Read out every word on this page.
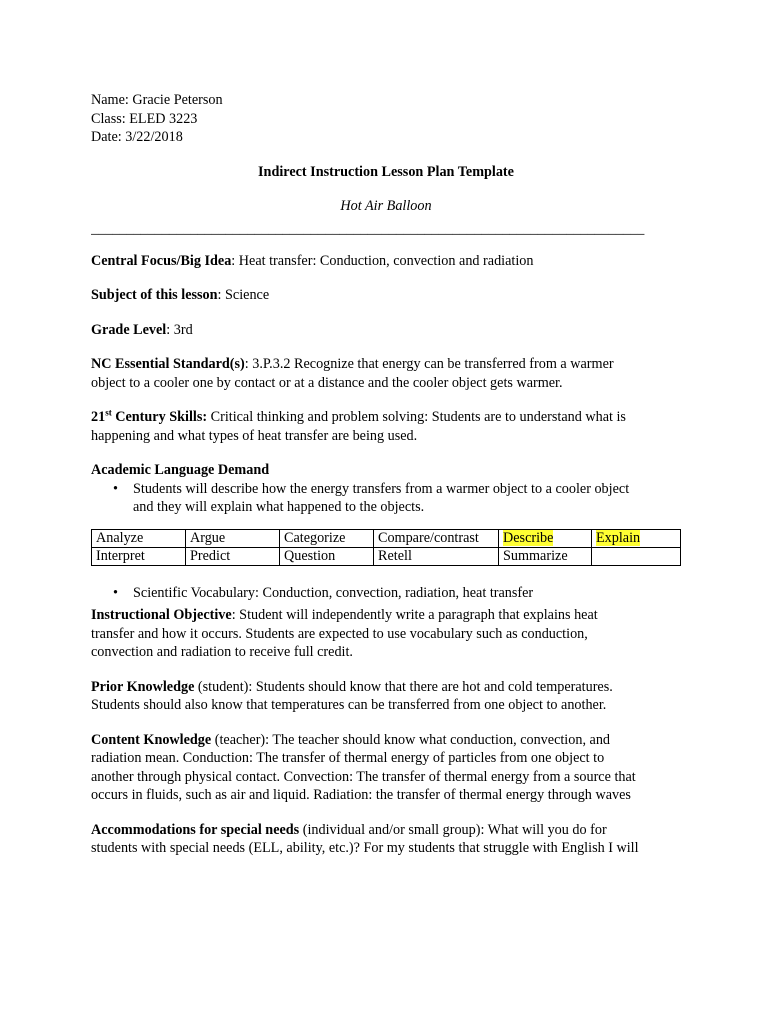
Name: Gracie Peterson
Class: ELED 3223
Date: 3/22/2018
Indirect Instruction Lesson Plan Template
Hot Air Balloon
______________________________________________________________________________
Central Focus/Big Idea: Heat transfer: Conduction, convection and radiation
Subject of this lesson: Science
Grade Level: 3rd
NC Essential Standard(s): 3.P.3.2 Recognize that energy can be transferred from a warmer
object to a cooler one by contact or at a distance and the cooler object gets warmer.
21st Century Skills: Critical thinking and problem solving: Students are to understand what is
happening and what types of heat transfer are being used.
Academic Language Demand
• Students will describe how the energy transfers from a warmer object to a cooler object
and they will explain what happened to the objects.
Analyze	Argue	Categorize	Compare/contrast	Describe	Explain
Interpret	Predict	Question	Retell	Summarize	
• Scientific Vocabulary: Conduction, convection, radiation, heat transfer
Instructional Objective: Student will independently write a paragraph that explains heat
transfer and how it occurs. Students are expected to use vocabulary such as conduction,
convection and radiation to receive full credit.
Prior Knowledge (student): Students should know that there are hot and cold temperatures.
Students should also know that temperatures can be transferred from one object to another.
Content Knowledge (teacher): The teacher should know what conduction, convection, and
radiation mean. Conduction: The transfer of thermal energy of particles from one object to
another through physical contact. Convection: The transfer of thermal energy from a source that
occurs in fluids, such as air and liquid. Radiation: the transfer of thermal energy through waves
Accommodations for special needs (individual and/or small group): What will you do for
students with special needs (ELL, ability, etc.)? For my students that struggle with English I will
